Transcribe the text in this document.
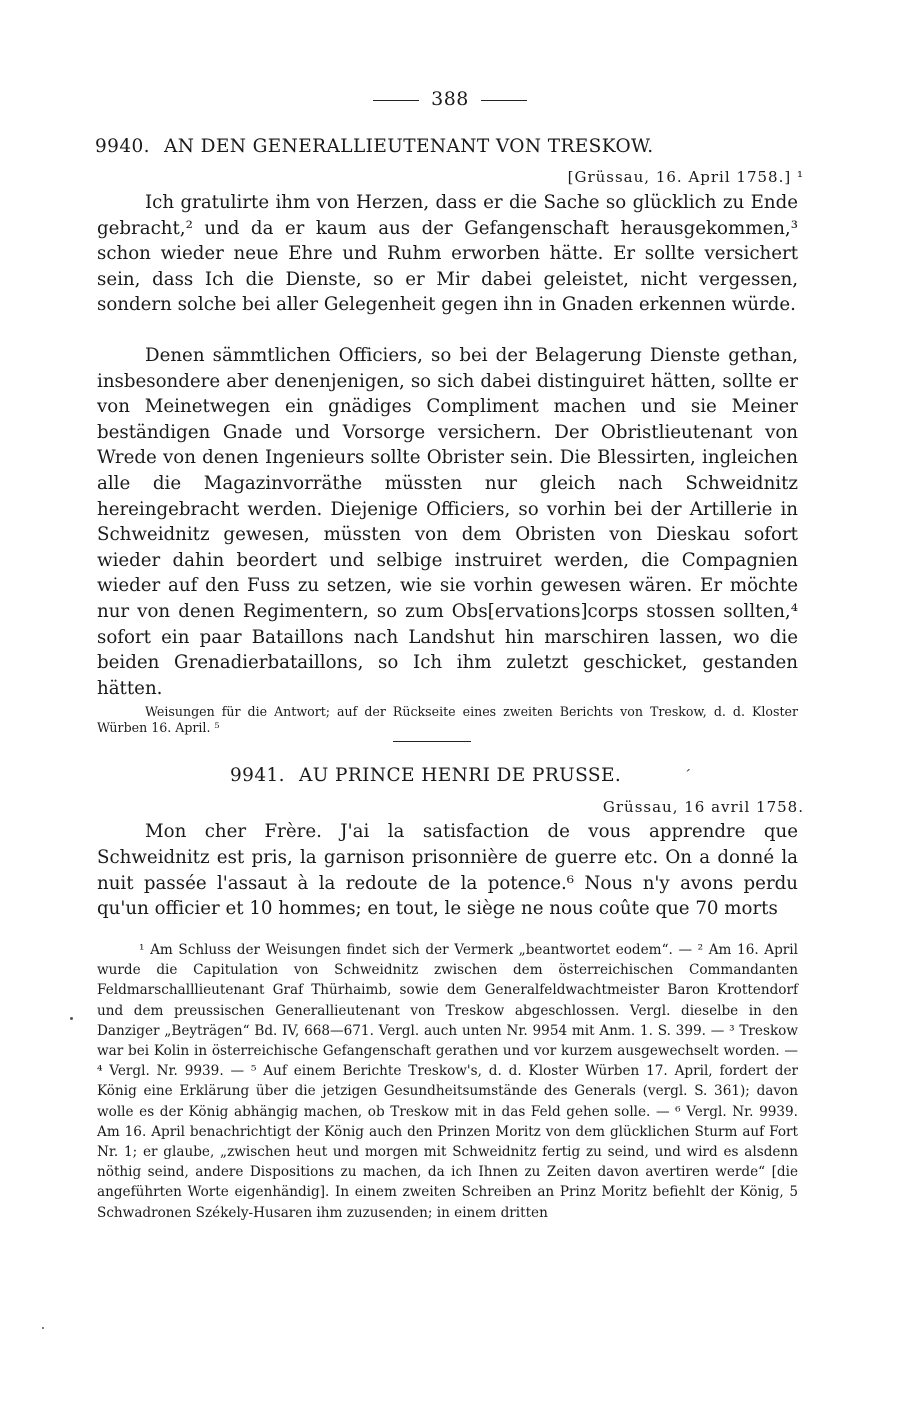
388
9940. AN DEN GENERALLIEUTENANT VON TRESKOW.
[Grüssau, 16. April 1758.] ¹

Ich gratulirte ihm von Herzen, dass er die Sache so glücklich zu Ende gebracht,² und da er kaum aus der Gefangenschaft herausgekommen,³ schon wieder neue Ehre und Ruhm erworben hätte. Er sollte versichert sein, dass Ich die Dienste, so er Mir dabei geleistet, nicht vergessen, sondern solche bei aller Gelegenheit gegen ihn in Gnaden erkennen würde.

Denen sämmtlichen Officiers, so bei der Belagerung Dienste gethan, insbesondere aber denenjenigen, so sich dabei distinguiret hätten, sollte er von Meinetwegen ein gnädiges Compliment machen und sie Meiner beständigen Gnade und Vorsorge versichern. Der Obristlieutenant von Wrede von denen Ingenieurs sollte Obrister sein. Die Blessirten, ingleichen alle die Magazinvorräthe müssten nur gleich nach Schweidnitz hereingebracht werden. Diejenige Officiers, so vorhin bei der Artillerie in Schweidnitz gewesen, müssten von dem Obristen von Dieskau sofort wieder dahin beordert und selbige instruiret werden, die Compagnien wieder auf den Fuss zu setzen, wie sie vorhin gewesen wären. Er möchte nur von denen Regimentern, so zum Obs[ervations]corps stossen sollten,⁴ sofort ein paar Bataillons nach Landshut hin marschiren lassen, wo die beiden Grenadierbataillons, so Ich ihm zuletzt geschicket, gestanden hätten.

Weisungen für die Antwort; auf der Rückseite eines zweiten Berichts von Treskow, d. d. Kloster Würben 16. April. ⁵

9941. AU PRINCE HENRI DE PRUSSE.	ˊ
Grüssau, 16 avril 1758.

Mon cher Frère. J'ai la satisfaction de vous apprendre que Schweidnitz est pris, la garnison prisonnière de guerre etc. On a donné la nuit passée l'assaut à la redoute de la potence.⁶ Nous n'y avons perdu qu'un officier et 10 hommes; en tout, le siège ne nous coûte que 70 morts

¹ Am Schluss der Weisungen findet sich der Vermerk „beantwortet eodem“. — ² Am 16. April wurde die Capitulation von Schweidnitz zwischen dem österreichischen Commandanten Feldmarschalllieutenant Graf Thürhaimb, sowie dem Generalfeldwachtmeister Baron Krottendorf und dem preussischen Generallieutenant von Treskow abgeschlossen. Vergl. dieselbe in den Danziger „Beyträgen“ Bd. IV, 668—671. Vergl. auch unten Nr. 9954 mit Anm. 1. S. 399. — ³ Treskow war bei Kolin in österreichische Gefangenschaft gerathen und vor kurzem ausgewechselt worden. — ⁴ Vergl. Nr. 9939. — ⁵ Auf einem Berichte Treskow's, d. d. Kloster Würben 17. April, fordert der König eine Erklärung über die jetzigen Gesundheitsumstände des Generals (vergl. S. 361); davon wolle es der König abhängig machen, ob Treskow mit in das Feld gehen solle. — ⁶ Vergl. Nr. 9939. Am 16. April benachrichtigt der König auch den Prinzen Moritz von dem glücklichen Sturm auf Fort Nr. 1; er glaube, „zwischen heut und morgen mit Schweidnitz fertig zu seind, und wird es alsdenn nöthig seind, andere Dispositions zu machen, da ich Ihnen zu Zeiten davon avertiren werde“ [die angeführten Worte eigenhändig]. In einem zweiten Schreiben an Prinz Moritz befiehlt der König, 5 Schwadronen Székely-Husaren ihm zuzusenden; in einem dritten
